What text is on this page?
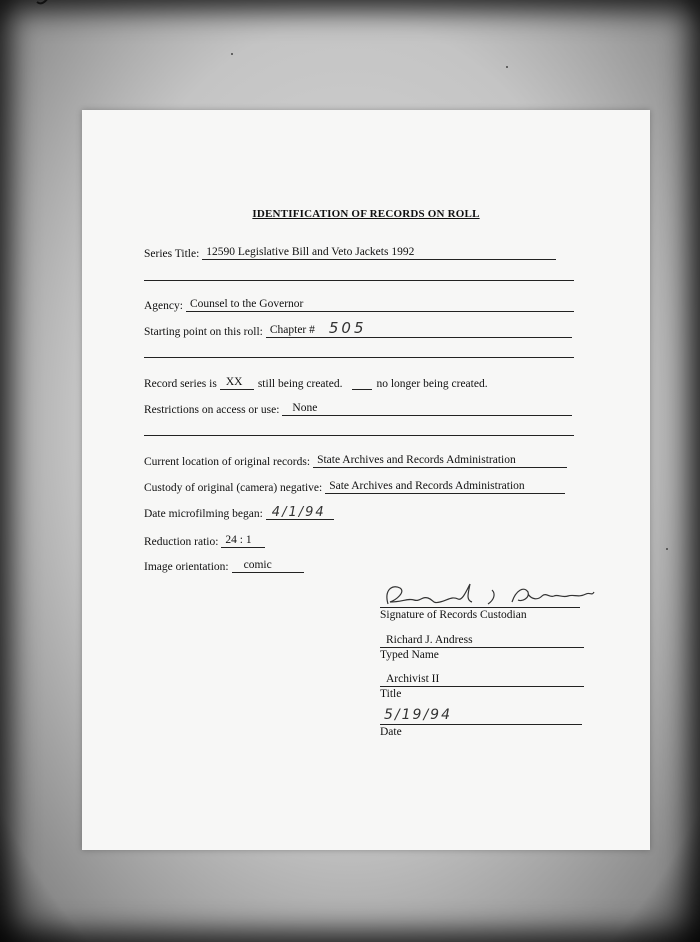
IDENTIFICATION OF RECORDS ON ROLL
Series Title: 12590 Legislative Bill and Veto Jackets 1992
Agency: Counsel to the Governor
Starting point on this roll: Chapter # 505
Record series is XX	still being created.	no longer being created.
Restrictions on access or use:	None
Current location of original records: State Archives and Records Administration
Custody of original (camera) negative: Sate Archives and Records Administration
Date microfilming began: 4/1/94
Reduction ratio: 24 : 1
Image orientation:	comic
Signature of Records Custodian
Richard J. Andress
Typed Name
Archivist II
Title
5/19/94
Date
